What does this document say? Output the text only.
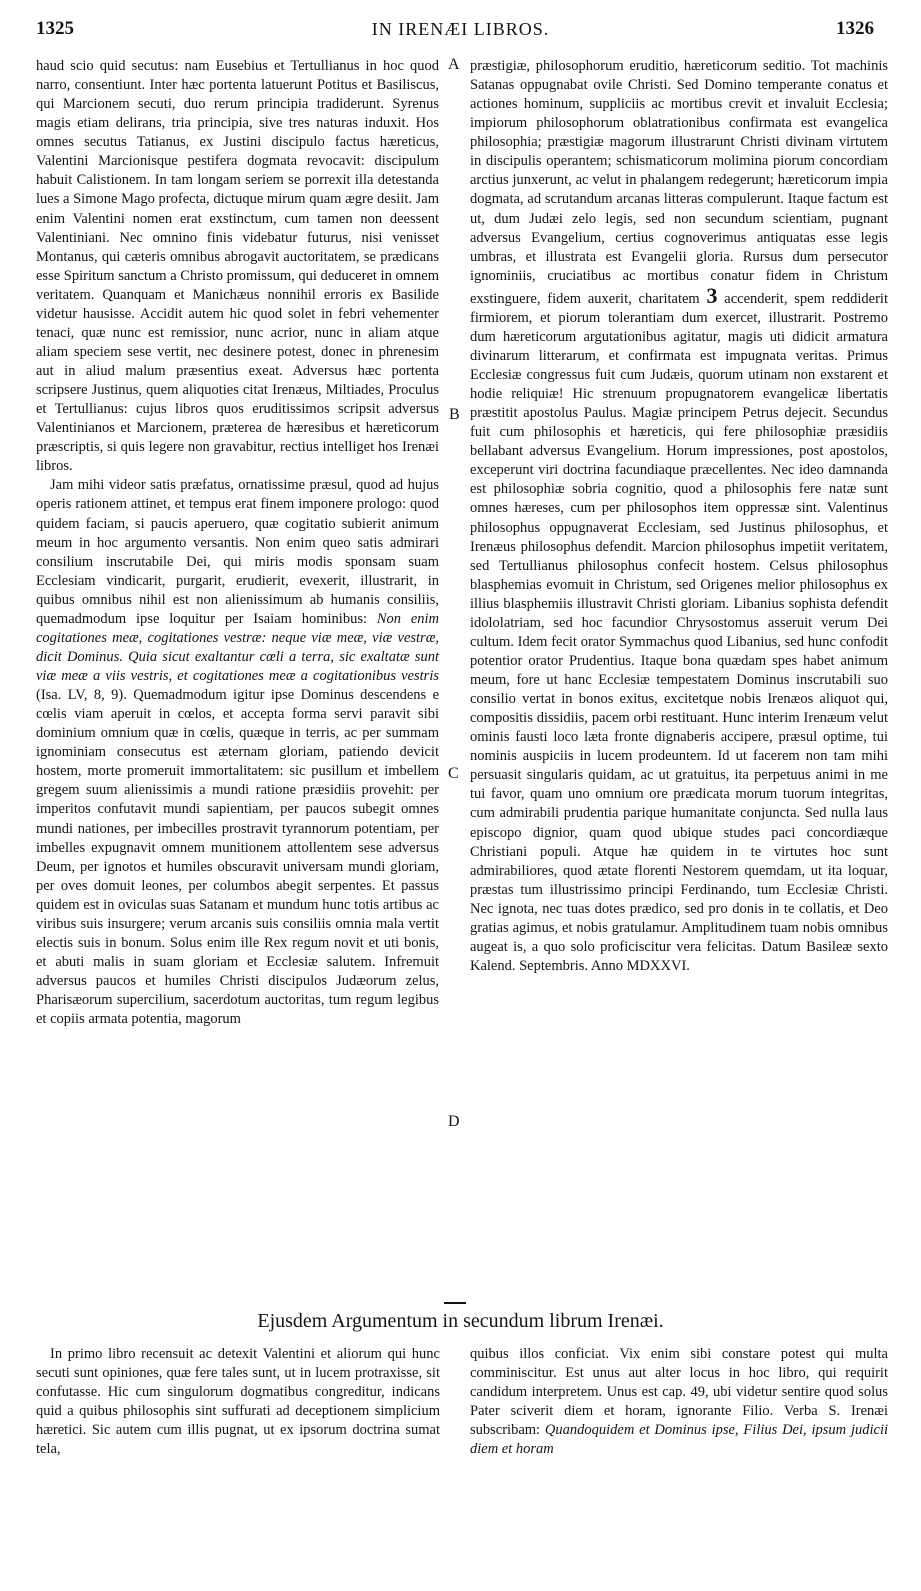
1325	IN IRENÆI LIBROS.	1326

haud scio quid secutus: nam Eusebius et Tertullianus in hoc quod narro, consentiunt. Inter hæc portenta latuerunt Potitus et Basiliscus, qui Marcionem secuti, duo rerum principia tradiderunt. Syrenus magis etiam delirans, tria principia, sive tres naturas induxit. Hos omnes secutus Tatianus, ex Justini discipulo factus hæreticus, Valentini Marcionisque pestifera dogmata revocavit: discipulum habuit Calistionem. In tam longam seriem se porrexit illa detestanda lues a Simone Mago profecta, dictuque mirum quam ægre desiit. Jam enim Valentini nomen erat exstinctum, cum tamen non deessent Valentiniani. Nec omnino finis videbatur futurus, nisi venisset Montanus, qui cæteris omnibus abrogavit auctoritatem, se prædicans esse Spiritum sanctum a Christo promissum, qui deduceret in omnem veritatem. Quanquam et Manichæus nonnihil erroris ex Basilide videtur hausisse. Accidit autem hic quod solet in febri vehementer tenaci, quæ nunc est remissior, nunc acrior, nunc in aliam atque aliam speciem sese vertit, nec desinere potest, donec in phrenesim aut in aliud malum præsentius exeat. Adversus hæc portenta scripsere Justinus, quem aliquoties citat Irenæus, Miltiades, Proculus et Tertullianus: cujus libros quos eruditissimos scripsit adversus Valentinianos et Marcionem, præterea de hæresibus et hæreticorum præscriptis, si quis legere non gravabitur, rectius intelliget hos Irenæi libros.

Jam mihi videor satis præfatus, ornatissime præsul, quod ad hujus operis rationem attinet, et tempus erat finem imponere prologo: quod quidem faciam, si paucis aperuero, quæ cogitatio subierit animum meum in hoc argumento versantis. Non enim queo satis admirari consilium inscrutabile Dei, qui miris modis sponsam suam Ecclesiam vindicarit, purgarit, erudierit, evexerit, illustrarit, in quibus omnibus nihil est non alienissimum ab humanis consiliis, quemadmodum ipse loquitur per Isaiam hominibus: Non enim cogitationes meæ, cogitationes vestræ: neque viæ meæ, viæ vestræ, dicit Dominus. Quia sicut exaltantur cœli a terra, sic exaltatæ sunt viæ meæ a viis vestris, et cogitationes meæ a cogitationibus vestris (Isa. LV, 8, 9). Quemadmodum igitur ipse Dominus descendens e cœlis viam aperuit in cœlos, et accepta forma servi paravit sibi dominium omnium quæ in cœlis, quæque in terris, ac per summam ignominiam consecutus est æternam gloriam, patiendo devicit hostem, morte promeruit immortalitatem: sic pusillum et imbellem gregem suum alienissimis a mundi ratione præsidiis provehit: per imperitos confutavit mundi sapientiam, per paucos subegit omnes mundi nationes, per imbecilles prostravit tyrannorum potentiam, per imbelles expugnavit omnem munitionem attollentem sese adversus Deum, per ignotos et humiles obscuravit universam mundi gloriam, per oves domuit leones, per columbos abegit serpentes. Et passus quidem est in oviculas suas Satanam et mundum hunc totis artibus ac viribus suis insurgere; verum arcanis suis consiliis omnia mala vertit electis suis in bonum. Solus enim ille Rex regum novit et uti bonis, et abuti malis in suam gloriam et Ecclesiæ salutem. Infremuit adversus paucos et humiles Christi discipulos Judæorum zelus, Pharisæorum supercilium, sacerdotum auctoritas, tum regum legibus et copiis armata potentia, magorum

A
B
C
D

præstigiæ, philosophorum eruditio, hæreticorum seditio. Tot machinis Satanas oppugnabat ovile Christi. Sed Domino temperante conatus et actiones hominum, suppliciis ac mortibus crevit et invaluit Ecclesia; impiorum philosophorum oblatrationibus confirmata est evangelica philosophia; præstigiæ magorum illustrarunt Christi divinam virtutem in discipulis operantem; schismaticorum molimina piorum concordiam arctius junxerunt, ac velut in phalangem redegerunt; hæreticorum impia dogmata, ad scrutandum arcanas litteras compulerunt. Itaque factum est ut, dum Judæi zelo legis, sed non secundum scientiam, pugnant adversus Evangelium, certius cognoverimus antiquatas esse legis umbras, et illustrata est Evangelii gloria. Rursus dum persecutor ignominiis, cruciatibus ac mortibus conatur fidem in Christum exstinguere, fidem auxerit, charitatem 3 accenderit, spem reddiderit firmiorem, et piorum tolerantiam dum exercet, illustrarit. Postremo dum hæreticorum argutationibus agitatur, magis uti didicit armatura divinarum litterarum, et confirmata est impugnata veritas. Primus Ecclesiæ congressus fuit cum Judæis, quorum utinam non exstarent et hodie reliquiæ! Hic strenuum propugnatorem evangelicæ libertatis præstitit apostolus Paulus. Magiæ principem Petrus dejecit. Secundus fuit cum philosophis et hæreticis, qui fere philosophiæ præsidiis bellabant adversus Evangelium. Horum impressiones, post apostolos, exceperunt viri doctrina facundiaque præcellentes. Nec ideo damnanda est philosophiæ sobria cognitio, quod a philosophis fere natæ sunt omnes hæreses, cum per philosophos item oppressæ sint. Valentinus philosophus oppugnaverat Ecclesiam, sed Justinus philosophus, et Irenæus philosophus defendit. Marcion philosophus impetiit veritatem, sed Tertullianus philosophus confecit hostem. Celsus philosophus blasphemias evomuit in Christum, sed Origenes melior philosophus ex illius blasphemiis illustravit Christi gloriam. Libanius sophista defendit idololatriam, sed hoc facundior Chrysostomus asseruit verum Dei cultum. Idem fecit orator Symmachus quod Libanius, sed hunc confodit potentior orator Prudentius. Itaque bona quædam spes habet animum meum, fore ut hanc Ecclesiæ tempestatem Dominus inscrutabili suo consilio vertat in bonos exitus, excitetque nobis Irenæos aliquot qui, compositis dissidiis, pacem orbi restituant. Hunc interim Irenæum velut ominis fausti loco læta fronte dignaberis accipere, præsul optime, tui nominis auspiciis in lucem prodeuntem. Id ut facerem non tam mihi persuasit singularis quidam, ac ut gratuitus, ita perpetuus animi in me tui favor, quam uno omnium ore prædicata morum tuorum integritas, cum admirabili prudentia parique humanitate conjuncta. Sed nulla laus episcopo dignior, quam quod ubique studes paci concordiæque Christiani populi. Atque hæ quidem in te virtutes hoc sunt admirabiliores, quod ætate florenti Nestorem quemdam, ut ita loquar, præstas tum illustrissimo principi Ferdinando, tum Ecclesiæ Christi. Nec ignota, nec tuas dotes prædico, sed pro donis in te collatis, et Deo gratias agimus, et nobis gratulamur. Amplitudinem tuam nobis omnibus augeat is, a quo solo proficiscitur vera felicitas. Datum Basileæ sexto Kalend. Septembris. Anno MDXXVI.

Ejusdem Argumentum in secundum librum Irenæi.

In primo libro recensuit ac detexit Valentini et aliorum qui hunc secuti sunt opiniones, quæ fere tales sunt, ut in lucem protraxisse, sit confutasse. Hic cum singulorum dogmatibus congreditur, indicans quid a quibus philosophis sint suffurati ad deceptionem simplicium hæretici. Sic autem cum illis pugnat, ut ex ipsorum doctrina sumat tela,

quibus illos conficiat. Vix enim sibi constare potest qui multa comminiscitur. Est unus aut alter locus in hoc libro, qui requirit candidum interpretem. Unus est cap. 49, ubi videtur sentire quod solus Pater sciverit diem et horam, ignorante Filio. Verba S. Irenæi subscribam: Quandoquidem et Dominus ipse, Filius Dei, ipsum judicii diem et horam
